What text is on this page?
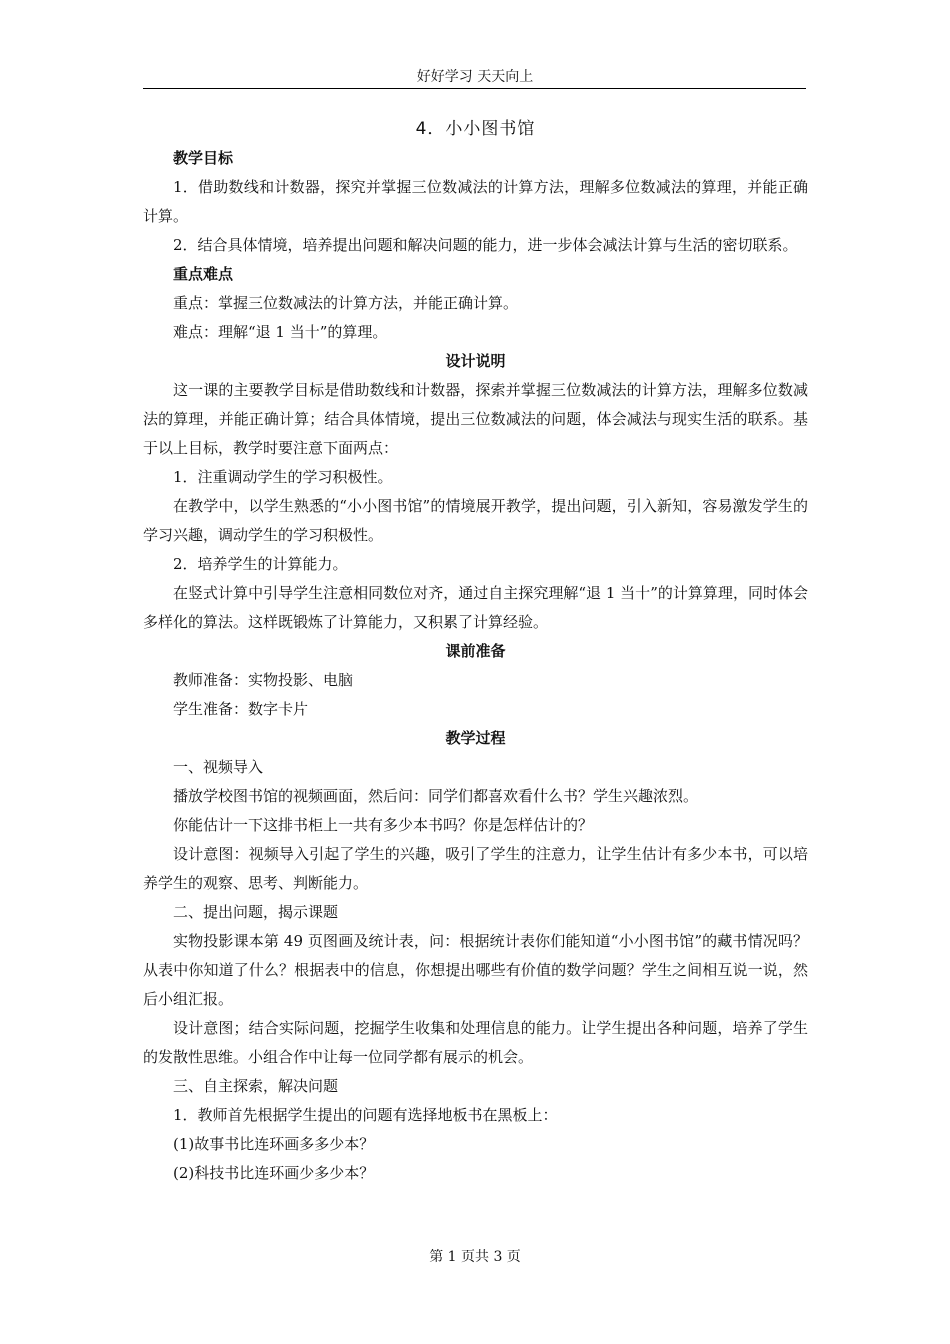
好好学习 天天向上
4．小小图书馆
教学目标
1．借助数线和计数器，探究并掌握三位数减法的计算方法，理解多位数减法的算理，并能正确计算。
2．结合具体情境，培养提出问题和解决问题的能力，进一步体会减法计算与生活的密切联系。
重点难点
重点：掌握三位数减法的计算方法，并能正确计算。
难点：理解“退 1 当十”的算理。
设计说明
这一课的主要教学目标是借助数线和计数器，探索并掌握三位数减法的计算方法，理解多位数减法的算理，并能正确计算；结合具体情境，提出三位数减法的问题，体会减法与现实生活的联系。基于以上目标，教学时要注意下面两点：
1．注重调动学生的学习积极性。
在教学中，以学生熟悉的“小小图书馆”的情境展开教学，提出问题，引入新知，容易激发学生的学习兴趣，调动学生的学习积极性。
2．培养学生的计算能力。
在竖式计算中引导学生注意相同数位对齐，通过自主探究理解“退 1 当十”的计算算理，同时体会多样化的算法。这样既锻炼了计算能力，又积累了计算经验。
课前准备
教师准备：实物投影、电脑
学生准备：数字卡片
教学过程
一、视频导入
播放学校图书馆的视频画面，然后问：同学们都喜欢看什么书？学生兴趣浓烈。
你能估计一下这排书柜上一共有多少本书吗？你是怎样估计的？
设计意图：视频导入引起了学生的兴趣，吸引了学生的注意力，让学生估计有多少本书，可以培养学生的观察、思考、判断能力。
二、提出问题，揭示课题
实物投影课本第 49 页图画及统计表，问：根据统计表你们能知道“小小图书馆”的藏书情况吗？从表中你知道了什么？根据表中的信息，你想提出哪些有价值的数学问题？学生之间相互说一说，然后小组汇报。
设计意图；结合实际问题，挖掘学生收集和处理信息的能力。让学生提出各种问题，培养了学生的发散性思维。小组合作中让每一位同学都有展示的机会。
三、自主探索，解决问题
1．教师首先根据学生提出的问题有选择地板书在黑板上：
(1)故事书比连环画多多少本？
(2)科技书比连环画少多少本？
第 1 页共 3 页
